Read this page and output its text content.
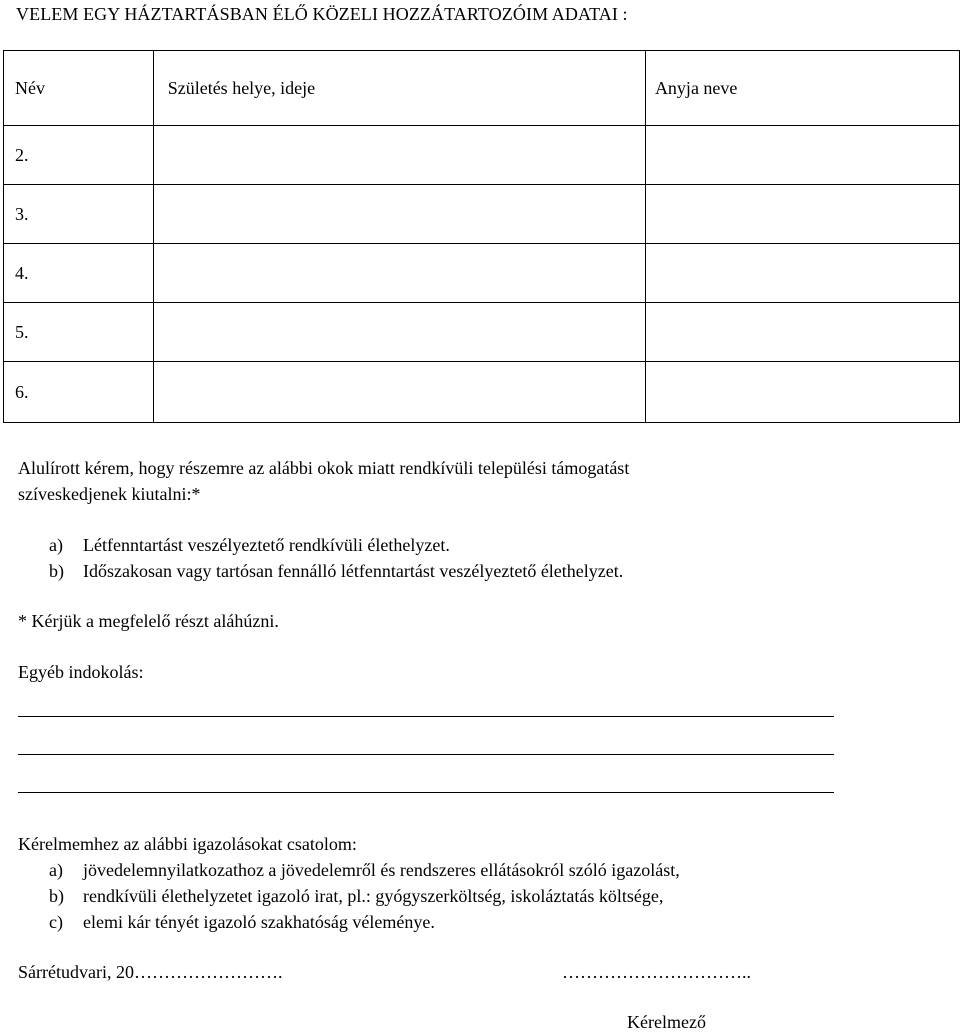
VELEM EGY HÁZTARTÁSBAN ÉLŐ KÖZELI HOZZÁTARTOZÓIM ADATAI :
Név	Születés helye, ideje	Anyja neve
2.		
3.		
4.		
5.		
6.		
Alulírott kérem, hogy részemre az alábbi okok miatt rendkívüli települési támogatást
szíveskedjenek kiutalni:*
a) Létfenntartást veszélyeztető rendkívüli élethelyzet.
b) Időszakosan vagy tartósan fennálló létfenntartást veszélyeztető élethelyzet.
* Kérjük a megfelelő részt aláhúzni.
Egyéb indokolás:
Kérelmemhez az alábbi igazolásokat csatolom:
a) jövedelemnyilatkozathoz a jövedelemről és rendszeres ellátásokról szóló igazolást,
b) rendkívüli élethelyzetet igazoló irat, pl.: gyógyszerköltség, iskoláztatás költsége,
c) elemi kár tényét igazoló szakhatóság véleménye.
Sárrétudvari, 20…………………….	…………………………..
Kérelmező
